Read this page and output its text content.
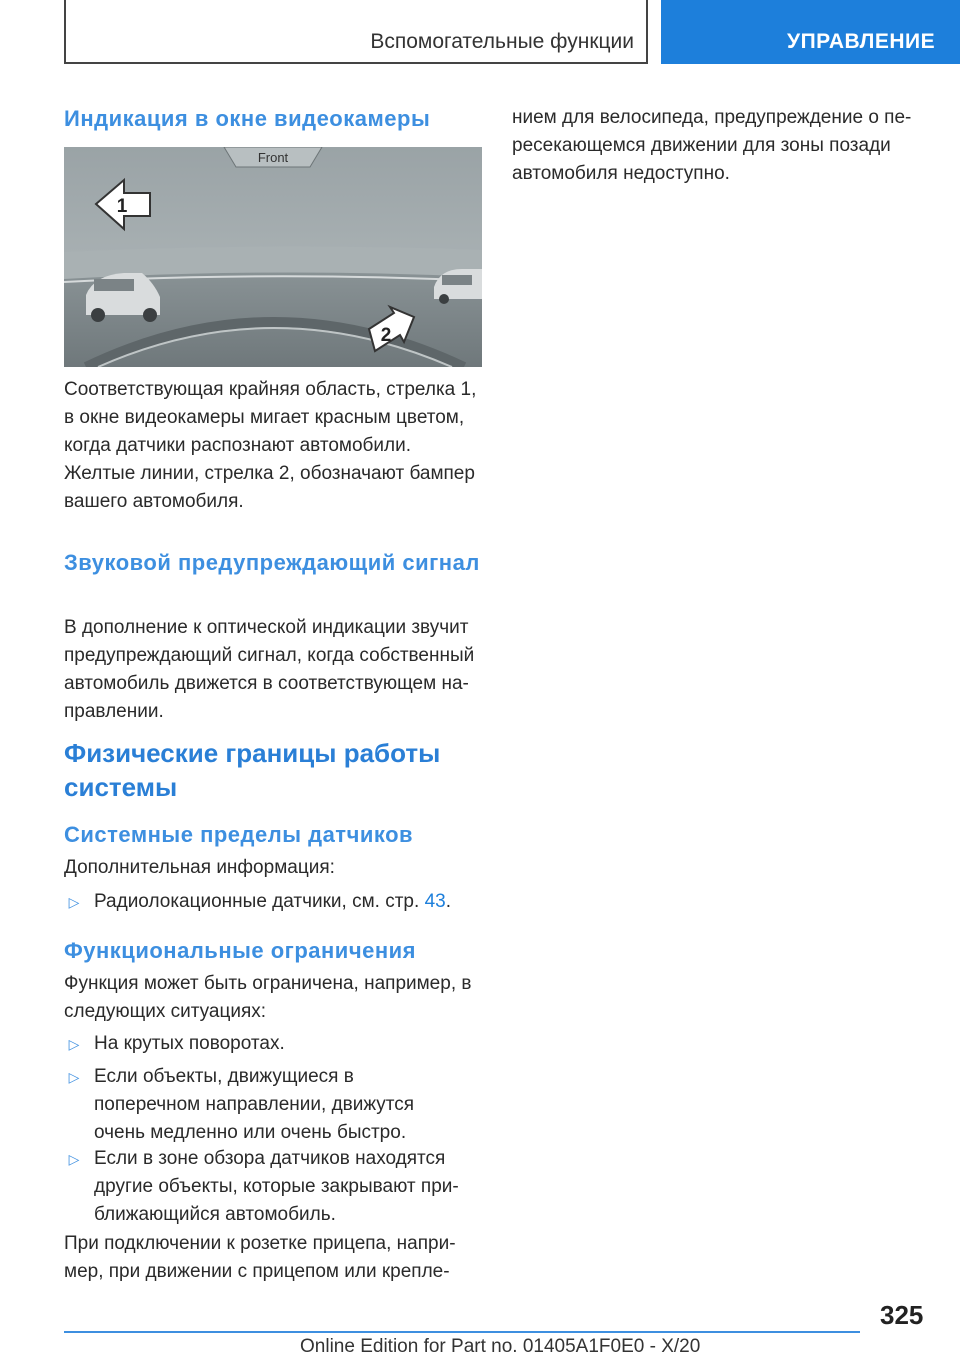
Вспомогательные функции	УПРАВЛЕНИЕ

Индикация в окне видеокамеры

Front
1
2

Соответствующая крайняя область, стрелка 1, в окне видеокамеры мигает красным цветом, когда датчики распознают автомобили.

Желтые линии, стрелка 2, обозначают бампер вашего автомобиля.

Звуковой предупреждающий сигнал

В дополнение к оптической индикации звучит предупреждающий сигнал, когда собственный автомобиль движется в соответствующем на-правлении.

Физические границы работы системы

Системные пределы датчиков

Дополнительная информация:

▷ Радиолокационные датчики, см. стр. 43.

Функциональные ограничения

Функция может быть ограничена, например, в следующих ситуациях:

▷ На крутых поворотах.
▷ Если объекты, движущиеся в поперечном направлении, движутся очень медленно или очень быстро.
▷ Если в зоне обзора датчиков находятся другие объекты, которые закрывают при-ближающийся автомобиль.

При подключении к розетке прицепа, напри-мер, при движении с прицепом или крепле-

нием для велосипеда, предупреждение о пе-ресекающемся движении для зоны позади автомобиля недоступно.

325
Online Edition for Part no. 01405A1F0E0 - X/20
